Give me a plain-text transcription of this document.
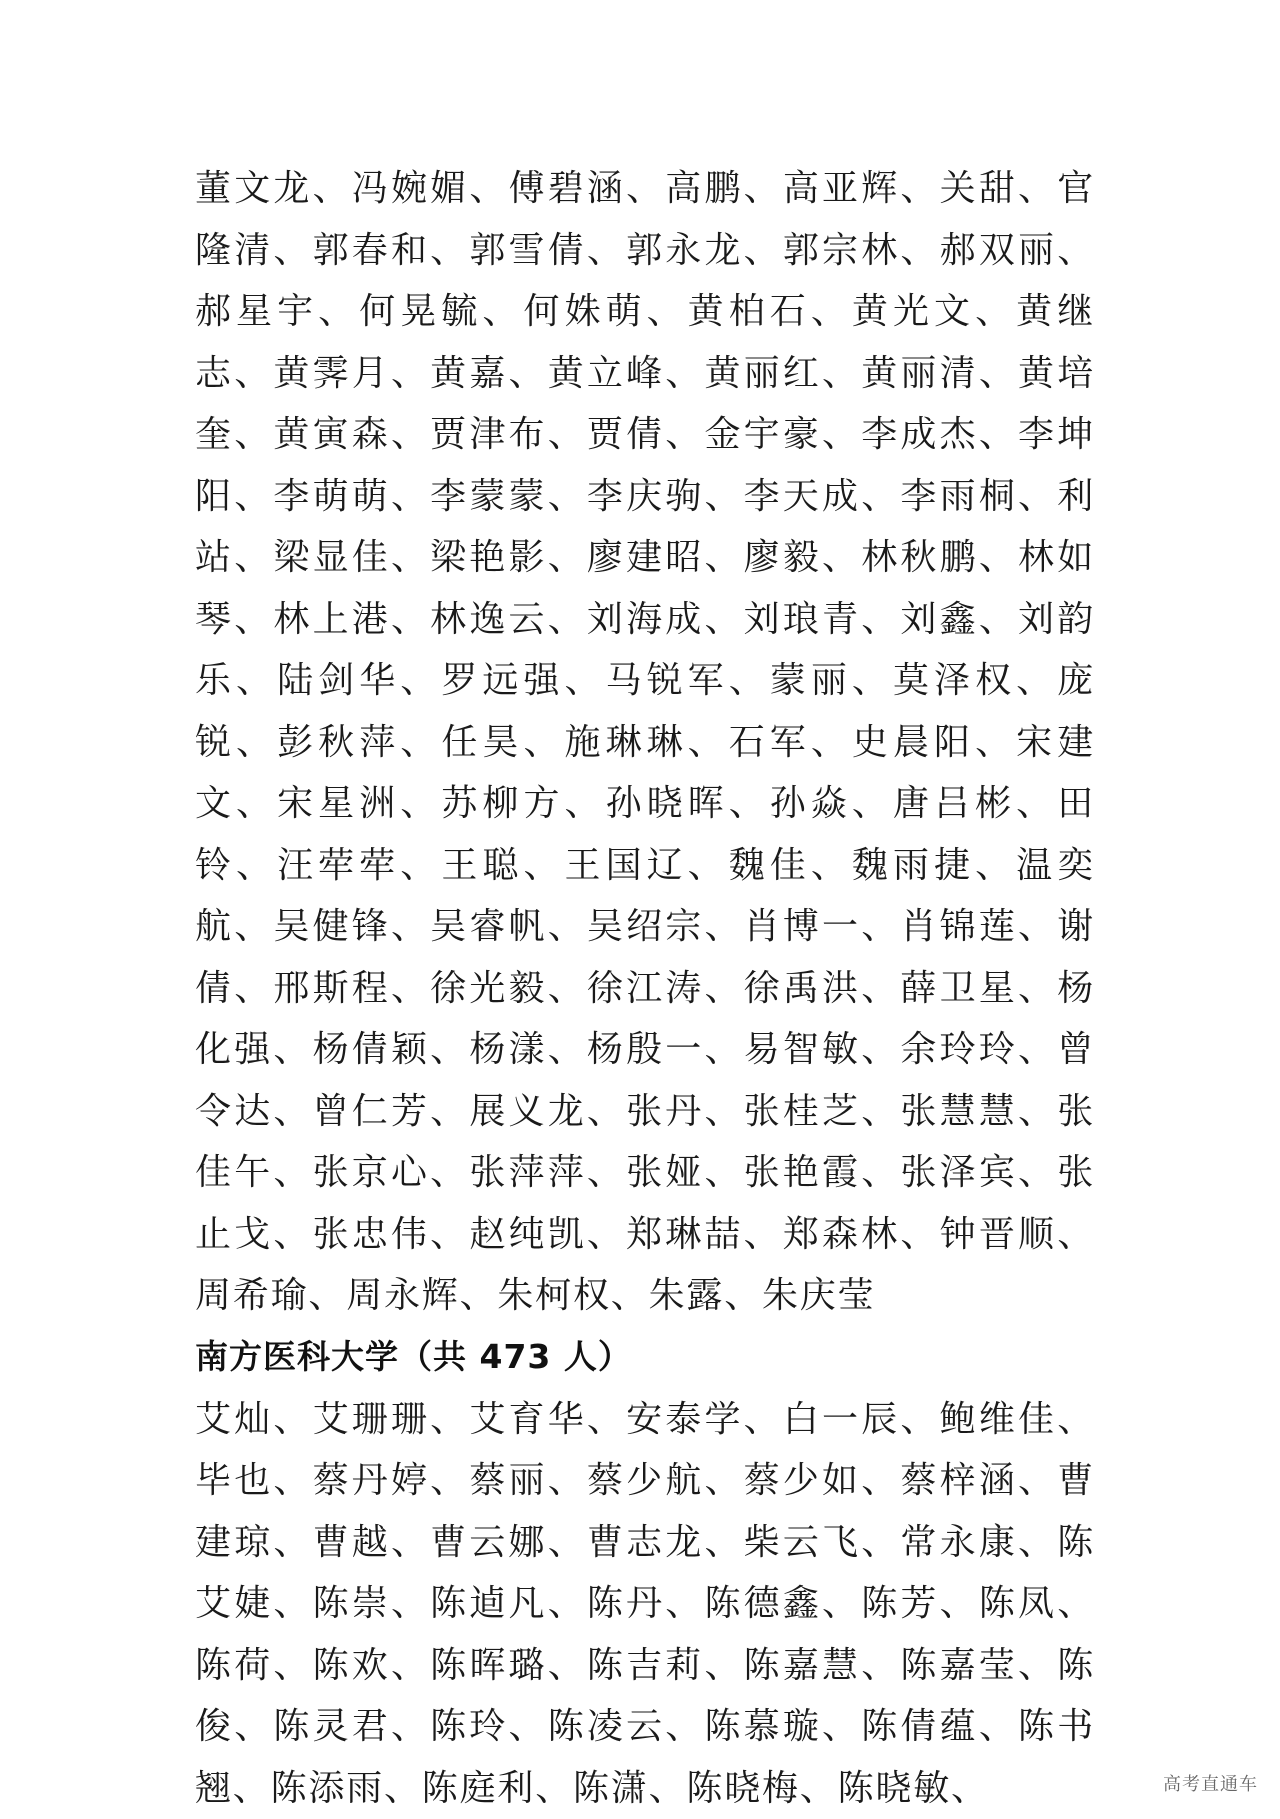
董文龙、冯婉媚、傅碧涵、高鹏、高亚辉、关甜、官隆清、郭春和、郭雪倩、郭永龙、郭宗林、郝双丽、郝星宇、何晃毓、何姝萌、黄柏石、黄光文、黄继志、黄霁月、黄嘉、黄立峰、黄丽红、黄丽清、黄培奎、黄寅森、贾津布、贾倩、金宇豪、李成杰、李坤阳、李萌萌、李蒙蒙、李庆驹、李天成、李雨桐、利站、梁显佳、梁艳影、廖建昭、廖毅、林秋鹏、林如琴、林上港、林逸云、刘海成、刘琅青、刘鑫、刘韵乐、陆剑华、罗远强、马锐军、蒙丽、莫泽权、庞锐、彭秋萍、任昊、施琳琳、石军、史晨阳、宋建文、宋星洲、苏柳方、孙晓晖、孙焱、唐吕彬、田铃、汪荦荦、王聪、王国辽、魏佳、魏雨捷、温奕航、吴健锋、吴睿帆、吴绍宗、肖博一、肖锦莲、谢倩、邢斯程、徐光毅、徐江涛、徐禹洪、薛卫星、杨化强、杨倩颖、杨漾、杨殷一、易智敏、余玲玲、曾令达、曾仁芳、展义龙、张丹、张桂芝、张慧慧、张佳午、张京心、张萍萍、张娅、张艳霞、张泽宾、张止戈、张忠伟、赵纯凯、郑琳喆、郑森林、钟晋顺、周希瑜、周永辉、朱柯权、朱露、朱庆莹

南方医科大学（共 473 人）

艾灿、艾珊珊、艾育华、安泰学、白一辰、鲍维佳、毕也、蔡丹婷、蔡丽、蔡少航、蔡少如、蔡梓涵、曹建琼、曹越、曹云娜、曹志龙、柴云飞、常永康、陈艾婕、陈崇、陈逌凡、陈丹、陈德鑫、陈芳、陈凤、陈荷、陈欢、陈晖璐、陈吉莉、陈嘉慧、陈嘉莹、陈俊、陈灵君、陈玲、陈凌云、陈慕璇、陈倩蕴、陈书翘、陈添雨、陈庭利、陈潇、陈晓梅、陈晓敏、	高考直通车
